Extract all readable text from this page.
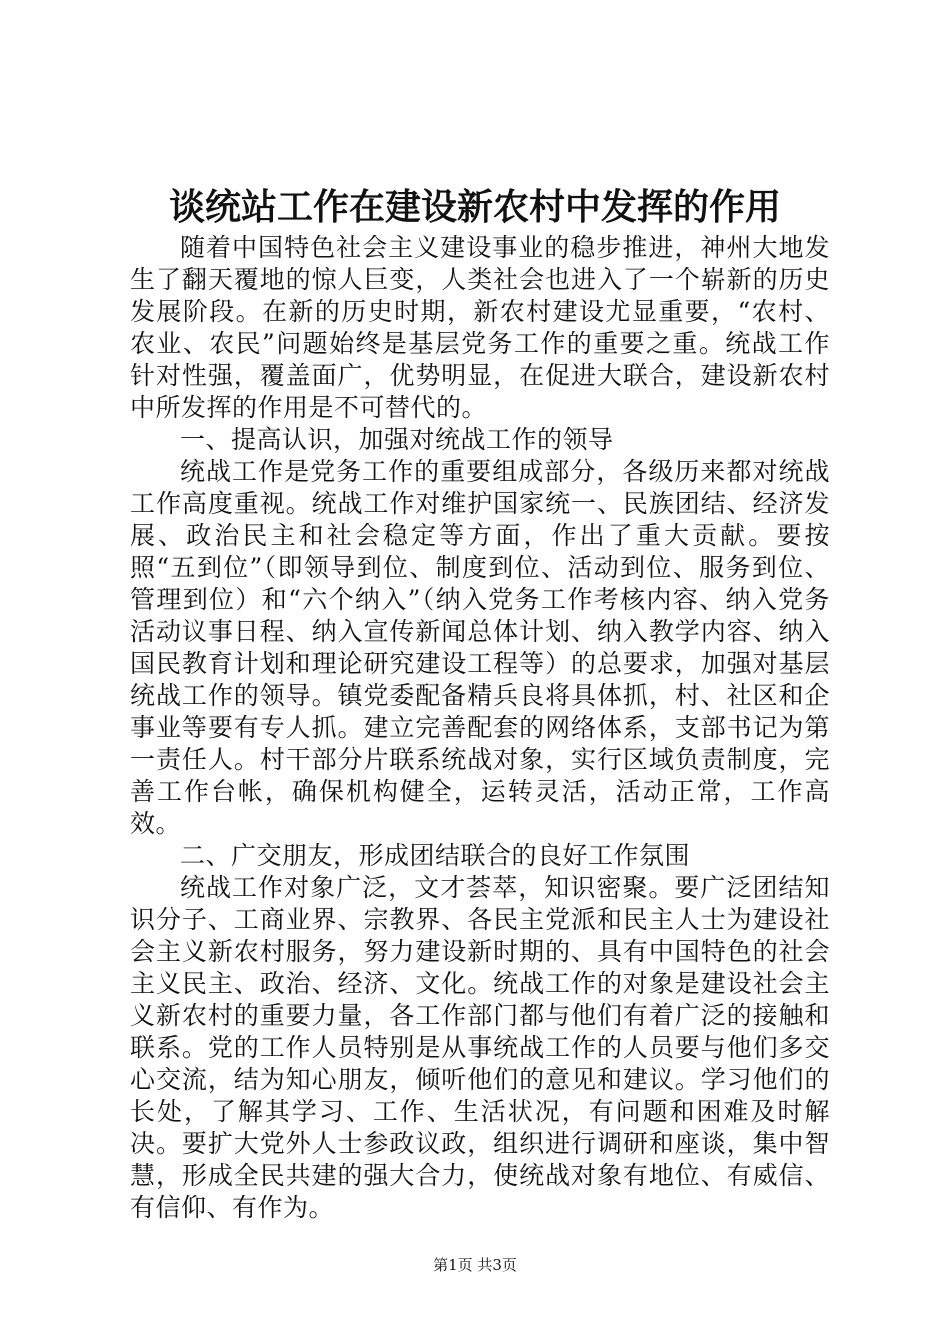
谈统站工作在建设新农村中发挥的作用

随着中国特色社会主义建设事业的稳步推进，神州大地发生了翻天覆地的惊人巨变，人类社会也进入了一个崭新的历史发展阶段。在新的历史时期，新农村建设尤显重要，“农村、农业、农民”问题始终是基层党务工作的重要之重。统战工作针对性强，覆盖面广，优势明显，在促进大联合，建设新农村中所发挥的作用是不可替代的。

一、提高认识，加强对统战工作的领导

统战工作是党务工作的重要组成部分，各级历来都对统战工作高度重视。统战工作对维护国家统一、民族团结、经济发展、政治民主和社会稳定等方面，作出了重大贡献。要按照“五到位”（即领导到位、制度到位、活动到位、服务到位、管理到位）和“六个纳入”（纳入党务工作考核内容、纳入党务活动议事日程、纳入宣传新闻总体计划、纳入教学内容、纳入国民教育计划和理论研究建设工程等）的总要求，加强对基层统战工作的领导。镇党委配备精兵良将具体抓，村、社区和企事业等要有专人抓。建立完善配套的网络体系，支部书记为第一责任人。村干部分片联系统战对象，实行区域负责制度，完善工作台帐，确保机构健全，运转灵活，活动正常，工作高效。

二、广交朋友，形成团结联合的良好工作氛围

统战工作对象广泛，文才荟萃，知识密聚。要广泛团结知识分子、工商业界、宗教界、各民主党派和民主人士为建设社会主义新农村服务，努力建设新时期的、具有中国特色的社会主义民主、政治、经济、文化。统战工作的对象是建设社会主义新农村的重要力量，各工作部门都与他们有着广泛的接触和联系。党的工作人员特别是从事统战工作的人员要与他们多交心交流，结为知心朋友，倾听他们的意见和建议。学习他们的长处，了解其学习、工作、生活状况，有问题和困难及时解决。要扩大党外人士参政议政，组织进行调研和座谈，集中智慧，形成全民共建的强大合力，使统战对象有地位、有威信、有信仰、有作为。

第1页 共3页
